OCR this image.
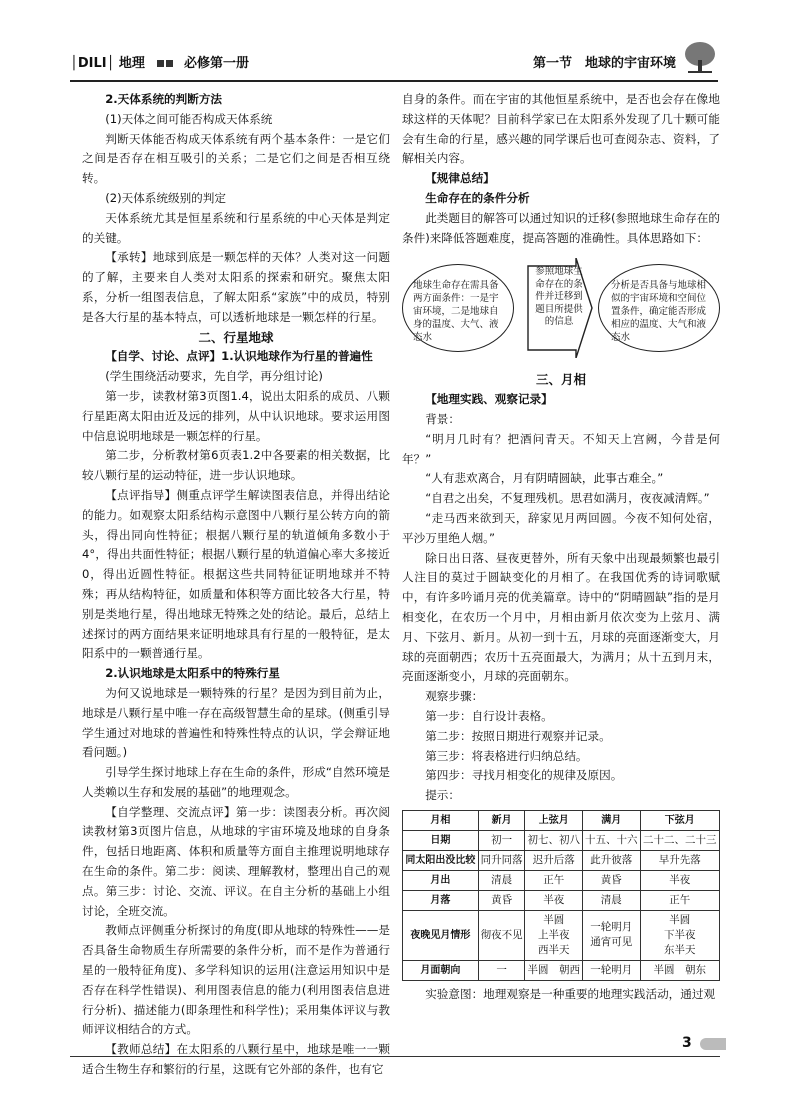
│DILI│ 地理	必修第一册	第一节　地球的宇宙环境

2.天体系统的判断方法

(1)天体之间可能否构成天体系统

判断天体能否构成天体系统有两个基本条件：一是它们之间是否存在相互吸引的关系；二是它们之间是否相互绕转。

(2)天体系统级别的判定

天体系统尤其是恒星系统和行星系统的中心天体是判定的关键。

【承转】地球到底是一颗怎样的天体？人类对这一问题的了解，主要来自人类对太阳系的探索和研究。聚焦太阳系，分析一组图表信息，了解太阳系“家族”中的成员，特别是各大行星的基本特点，可以透析地球是一颗怎样的行星。

二、行星地球

【自学、讨论、点评】1.认识地球作为行星的普遍性

(学生围绕活动要求，先自学，再分组讨论)

第一步，读教材第3页图1.4，说出太阳系的成员、八颗行星距离太阳由近及远的排列，从中认识地球。要求运用图中信息说明地球是一颗怎样的行星。

第二步，分析教材第6页表1.2中各要素的相关数据，比较八颗行星的运动特征，进一步认识地球。

【点评指导】侧重点评学生解读图表信息，并得出结论的能力。如观察太阳系结构示意图中八颗行星公转方向的箭头，得出同向性特征；根据八颗行星的轨道倾角多数小于4°，得出共面性特征；根据八颗行星的轨道偏心率大多接近0，得出近圆性特征。根据这些共同特征证明地球并不特殊；再从结构特征，如质量和体积等方面比较各大行星，特别是类地行星，得出地球无特殊之处的结论。最后，总结上述探讨的两方面结果来证明地球具有行星的一般特征，是太阳系中的一颗普通行星。

2.认识地球是太阳系中的特殊行星

为何又说地球是一颗特殊的行星？是因为到目前为止，地球是八颗行星中唯一存在高级智慧生命的星球。(侧重引导学生通过对地球的普遍性和特殊性特点的认识，学会辩证地看问题。)

引导学生探讨地球上存在生命的条件，形成“自然环境是人类赖以生存和发展的基础”的地理观念。

【自学整理、交流点评】第一步：读图表分析。再次阅读教材第3页图片信息，从地球的宇宙环境及地球的自身条件，包括日地距离、体积和质量等方面自主推理说明地球存在生命的条件。第二步：阅读、理解教材，整理出自己的观点。第三步：讨论、交流、评议。在自主分析的基础上小组讨论，全班交流。

教师点评侧重分析探讨的角度(即从地球的特殊性——是否具备生命物质生存所需要的条件分析，而不是作为普通行星的一般特征角度)、多学科知识的运用(注意运用知识中是否存在科学性错误)、利用图表信息的能力(利用图表信息进行分析)、描述能力(即条理性和科学性)；采用集体评议与教师评议相结合的方式。

【教师总结】在太阳系的八颗行星中，地球是唯一一颗适合生物生存和繁衍的行星，这既有它外部的条件，也有它

自身的条件。而在宇宙的其他恒星系统中，是否也会存在像地球这样的天体呢？目前科学家已在太阳系外发现了几十颗可能会有生命的行星，感兴趣的同学课后也可查阅杂志、资料，了解相关内容。

【规律总结】

生命存在的条件分析

此类题目的解答可以通过知识的迁移(参照地球生命存在的条件)来降低答题难度，提高答题的准确性。具体思路如下：

地球生命存在需具备两方面条件：一是宇宙环境，二是地球自身的温度、大气、液态水
参照地球生命存在的条件并迁移到题目所提供的信息
分析是否具备与地球相似的宇宙环境和空间位置条件，确定能否形成相应的温度、大气和液态水

三、月相

【地理实践、观察记录】

背景：

“明月几时有？把酒问青天。不知天上宫阙，今昔是何年？”

“人有悲欢离合，月有阴晴圆缺，此事古难全。”

“自君之出矣，不复理残机。思君如满月，夜夜减清辉。”

“走马西来欲到天，辞家见月两回圆。今夜不知何处宿，平沙万里绝人烟。”

除日出日落、昼夜更替外，所有天象中出现最频繁也最引人注目的莫过于圆缺变化的月相了。在我国优秀的诗词歌赋中，有许多吟诵月亮的优美篇章。诗中的“阴晴圆缺”指的是月相变化，在农历一个月中，月相由新月依次变为上弦月、满月、下弦月、新月。从初一到十五，月球的亮面逐渐变大，月球的亮面朝西；农历十五亮面最大，为满月；从十五到月末，亮面逐渐变小，月球的亮面朝东。

观察步骤：

第一步：自行设计表格。

第二步：按照日期进行观察并记录。

第三步：将表格进行归纳总结。

第四步：寻找月相变化的规律及原因。

提示：

月相	新月	上弦月	满月	下弦月
日期	初一	初七、初八	十五、十六	二十二、二十三
同太阳出没比较	同升同落	迟升后落	此升彼落	早升先落
月出	清晨	正午	黄昏	半夜
月落	黄昏	半夜	清晨	正午
夜晚见月情形	彻夜不见	半圆
上半夜
西半天	一轮明月
通宵可见	半圆
下半夜
东半天
月面朝向	一	半圆　朝西	一轮明月	半圆　朝东

实验意图：地理观察是一种重要的地理实践活动，通过观

3
